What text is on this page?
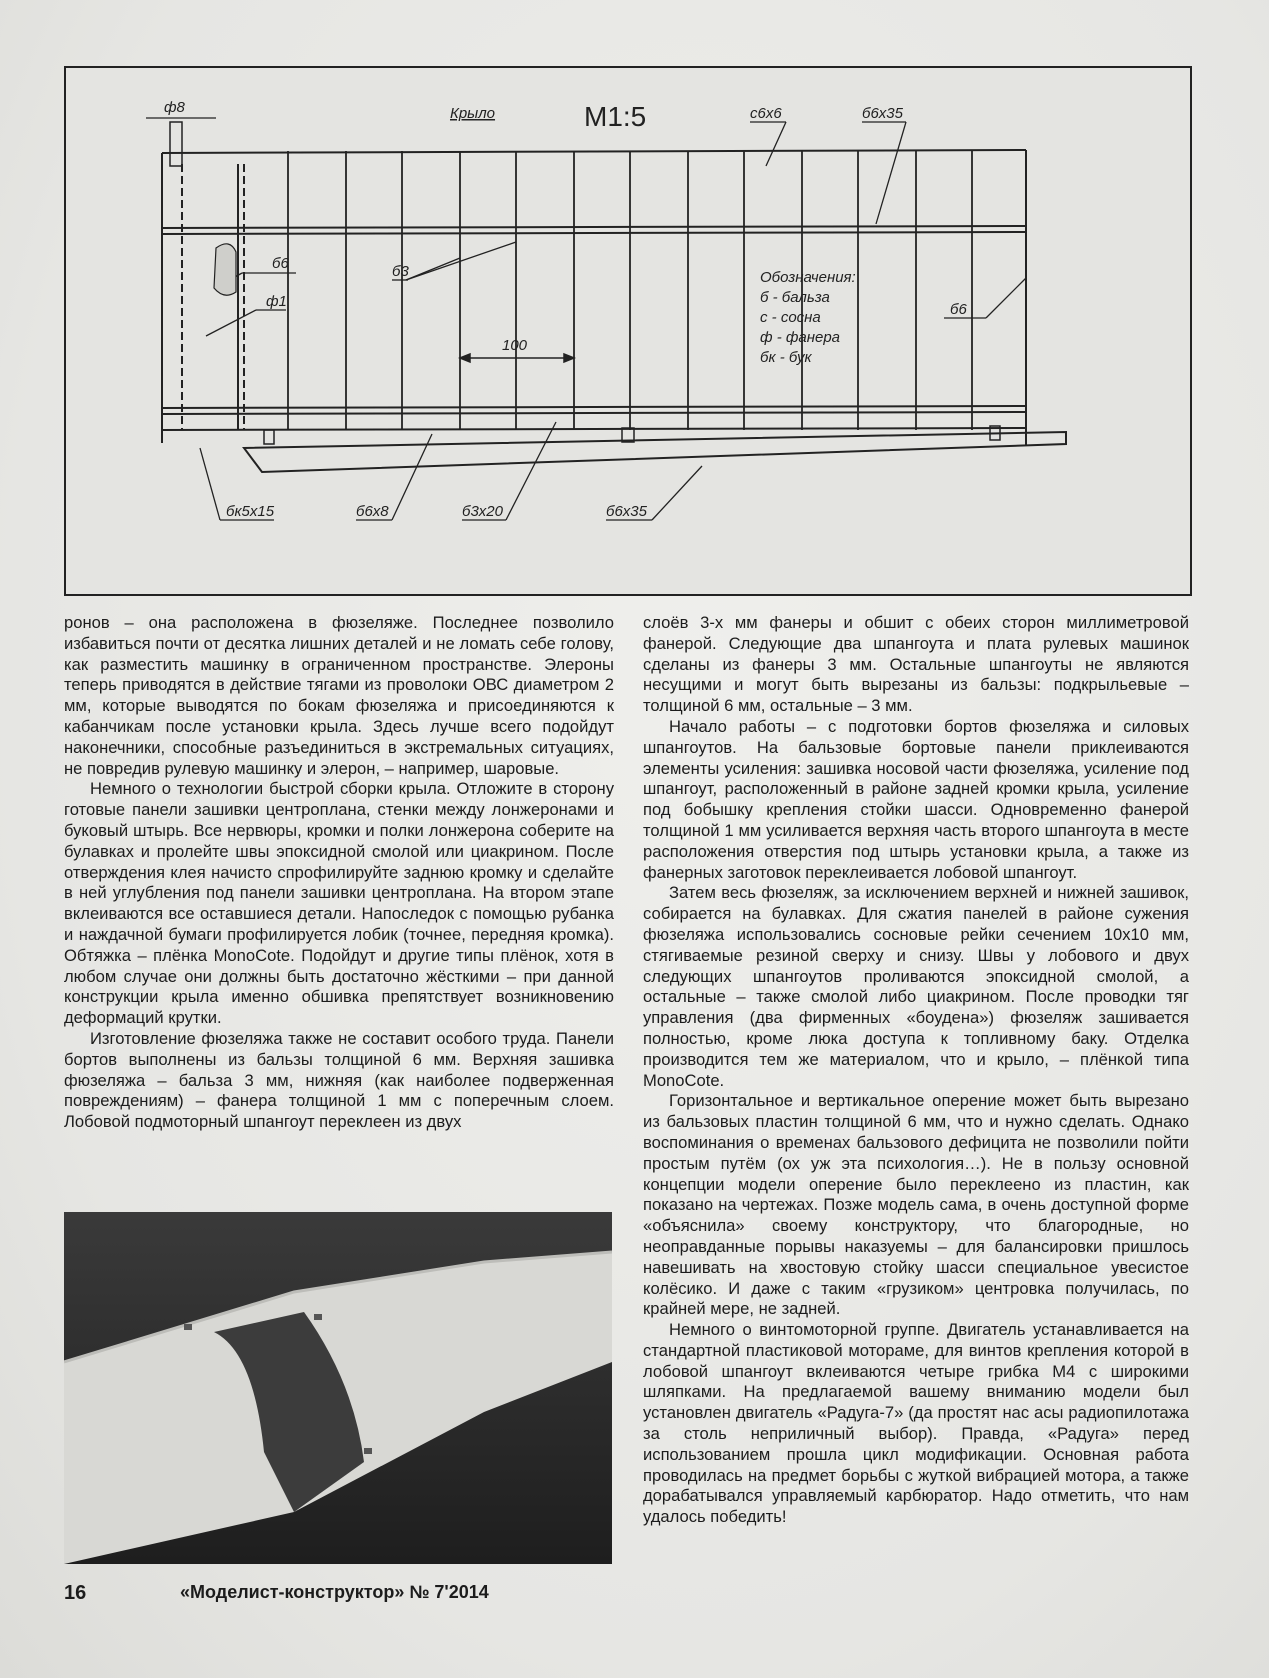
ф8	Крыло	М1:5	с6х6	б6х35
б6
ф1
б3
100
б6
бк5х15	б6х8	б3х20	б6х35
Обозначения:
б - бальза
с - сосна
ф - фанера
бк - бук

ронов – она расположена в фюзеляже. Последнее позволило избавиться почти от десятка лишних деталей и не ломать себе голову, как разместить машинку в ограниченном пространстве. Элероны теперь приводятся в действие тягами из проволоки ОВС диаметром 2 мм, которые выводятся по бокам фюзеляжа и присоединяются к кабанчикам после установки крыла. Здесь лучше всего подойдут наконечники, способные разъединиться в экстремальных ситуациях, не повредив рулевую машинку и элерон, – например, шаровые.

Немного о технологии быстрой сборки крыла. Отложите в сторону готовые панели зашивки центроплана, стенки между лонжеронами и буковый штырь. Все нервюры, кромки и полки лонжерона соберите на булавках и пролейте швы эпоксидной смолой или циакрином. После отверждения клея начисто спрофилируйте заднюю кромку и сделайте в ней углубления под панели зашивки центроплана. На втором этапе вклеиваются все оставшиеся детали. Напоследок с помощью рубанка и наждачной бумаги профилируется лобик (точнее, передняя кромка). Обтяжка – плёнка MonoCote. Подойдут и другие типы плёнок, хотя в любом случае они должны быть достаточно жёсткими – при данной конструкции крыла именно обшивка препятствует возникновению деформаций крутки.

Изготовление фюзеляжа также не составит особого труда. Панели бортов выполнены из бальзы толщиной 6 мм. Верхняя зашивка фюзеляжа – бальза 3 мм, нижняя (как наиболее подверженная повреждениям) – фанера толщиной 1 мм с поперечным слоем. Лобовой подмоторный шпангоут переклеен из двух

слоёв 3-х мм фанеры и обшит с обеих сторон миллиметровой фанерой. Следующие два шпангоута и плата рулевых машинок сделаны из фанеры 3 мм. Остальные шпангоуты не являются несущими и могут быть вырезаны из бальзы: подкрыльевые – толщиной 6 мм, остальные – 3 мм.

Начало работы – с подготовки бортов фюзеляжа и силовых шпангоутов. На бальзовые бортовые панели приклеиваются элементы усиления: зашивка носовой части фюзеляжа, усиление под шпангоут, расположенный в районе задней кромки крыла, усиление под бобышку крепления стойки шасси. Одновременно фанерой толщиной 1 мм усиливается верхняя часть второго шпангоута в месте расположения отверстия под штырь установки крыла, а также из фанерных заготовок переклеивается лобовой шпангоут.

Затем весь фюзеляж, за исключением верхней и нижней зашивок, собирается на булавках. Для сжатия панелей в районе сужения фюзеляжа использовались сосновые рейки сечением 10х10 мм, стягиваемые резиной сверху и снизу. Швы у лобового и двух следующих шпангоутов проливаются эпоксидной смолой, а остальные – также смолой либо циакрином. После проводки тяг управления (два фирменных «боудена») фюзеляж зашивается полностью, кроме люка доступа к топливному баку. Отделка производится тем же материалом, что и крыло, – плёнкой типа MonoCote.

Горизонтальное и вертикальное оперение может быть вырезано из бальзовых пластин толщиной 6 мм, что и нужно сделать. Однако воспоминания о временах бальзового дефицита не позволили пойти простым путём (ох уж эта психология…). Не в пользу основной концепции модели оперение было переклеено из пластин, как показано на чертежах. Позже модель сама, в очень доступной форме «объяснила» своему конструктору, что благородные, но неоправданные порывы наказуемы – для балансировки пришлось навешивать на хвостовую стойку шасси специальное увесистое колёсико. И даже с таким «грузиком» центровка получилась, по крайней мере, не задней.

Немного о винтомоторной группе. Двигатель устанавливается на стандартной пластиковой мотораме, для винтов крепления которой в лобовой шпангоут вклеиваются четыре грибка М4 с широкими шляпками. На предлагаемой вашему вниманию модели был установлен двигатель «Радуга-7» (да простят нас асы радиопилотажа за столь неприличный выбор). Правда, «Радуга» перед использованием прошла цикл модификации. Основная работа проводилась на предмет борьбы с жуткой вибрацией мотора, а также дорабатывался управляемый карбюратор. Надо отметить, что нам удалось победить!

16	«Моделист-конструктор» № 7'2014
